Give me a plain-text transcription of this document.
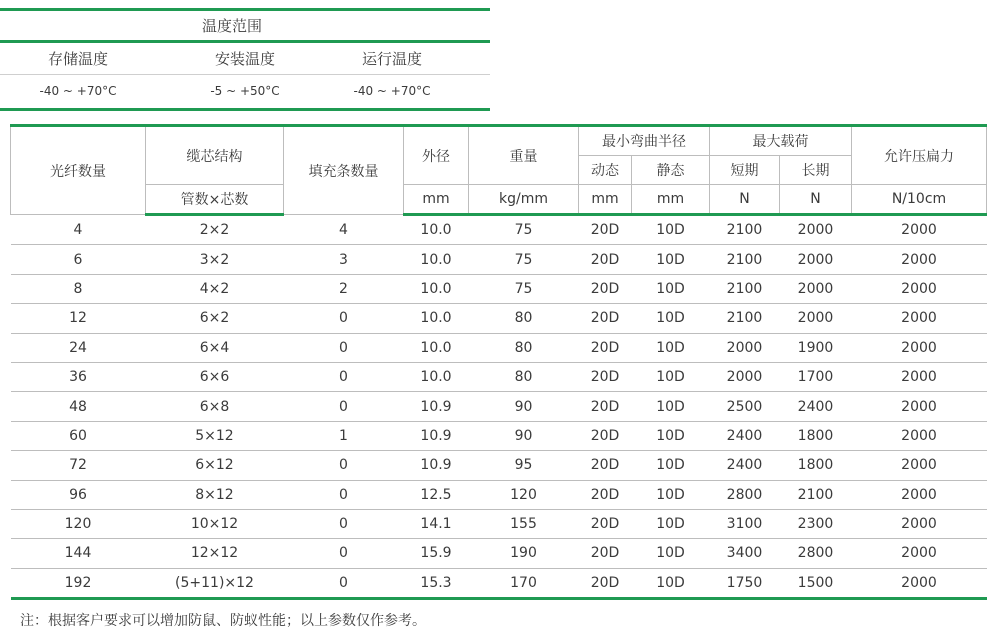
温度范围
存储温度	安装温度	运行温度
-40 ~ +70°C	-5 ~ +50°C	-40 ~ +70°C
光纤数量	缆芯结构	填充条数量	外径	重量	最小弯曲半径		最大载荷		允许压扁力
					动态	静态	短期	长期	
	管数×芯数		mm	kg/mm	mm	mm	N	N	N/10cm
4	2×2	4	10.0	75	20D	10D	2100	2000	2000
6	3×2	3	10.0	75	20D	10D	2100	2000	2000
8	4×2	2	10.0	75	20D	10D	2100	2000	2000
12	6×2	0	10.0	80	20D	10D	2100	2000	2000
24	6×4	0	10.0	80	20D	10D	2000	1900	2000
36	6×6	0	10.0	80	20D	10D	2000	1700	2000
48	6×8	0	10.9	90	20D	10D	2500	2400	2000
60	5×12	1	10.9	90	20D	10D	2400	1800	2000
72	6×12	0	10.9	95	20D	10D	2400	1800	2000
96	8×12	0	12.5	120	20D	10D	2800	2100	2000
120	10×12	0	14.1	155	20D	10D	3100	2300	2000
144	12×12	0	15.9	190	20D	10D	3400	2800	2000
192	(5+11)×12	0	15.3	170	20D	10D	1750	1500	2000
注：根据客户要求可以增加防鼠、防蚁性能；以上参数仅作参考。
